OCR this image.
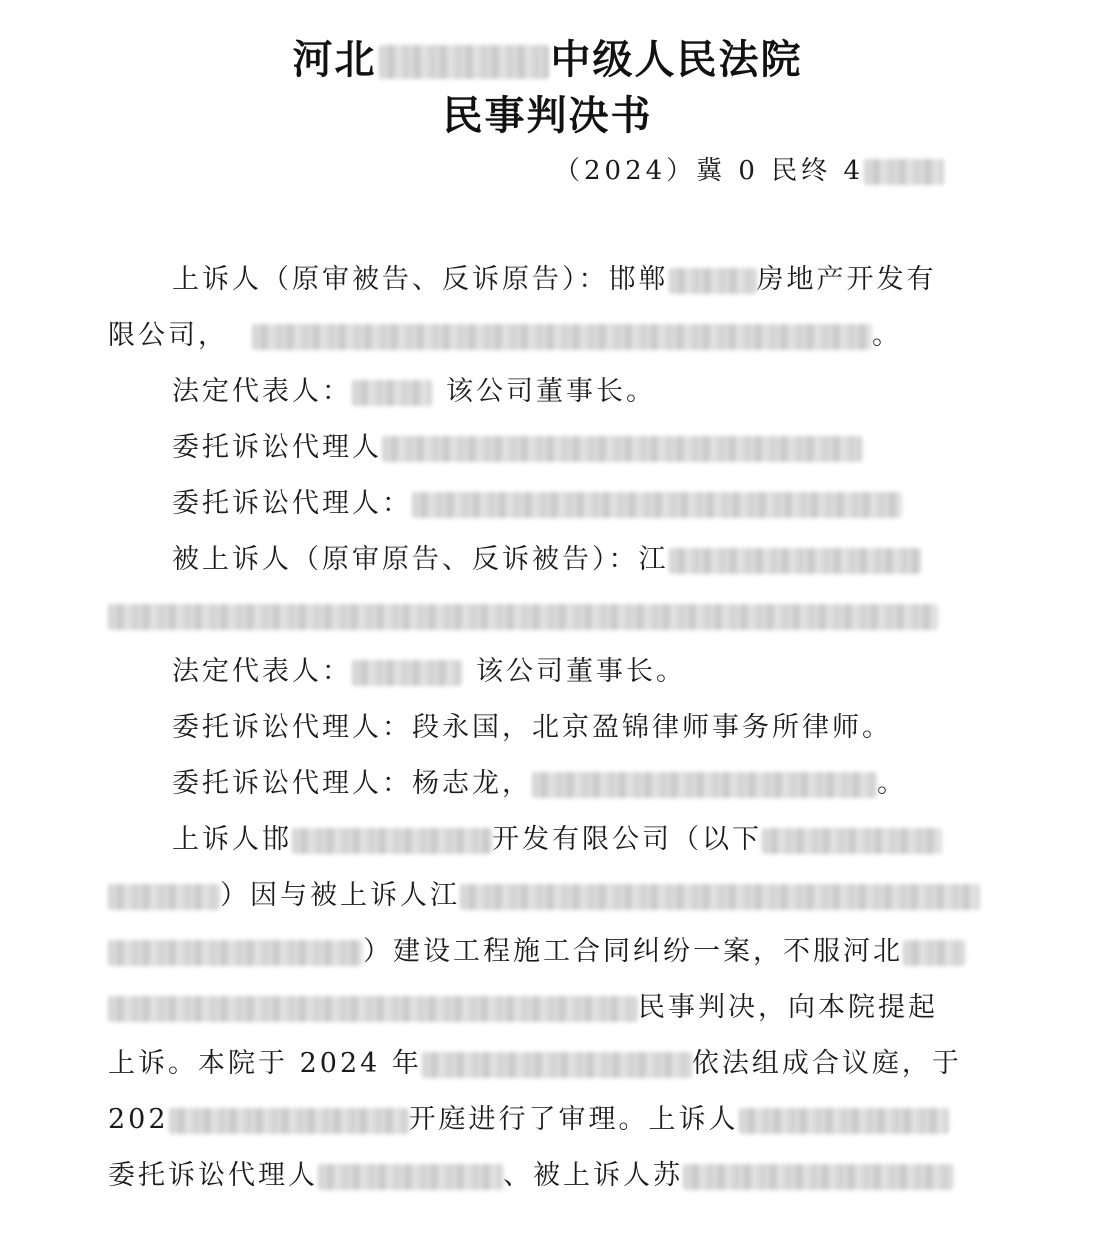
河北	中级人民法院
民事判决书
（2024）冀 0 民终 4
上诉人（原审被告、反诉原告）：邯郸	房地产开发有
限公司，	。
法定代表人：	该公司董事长。
委托诉讼代理人
委托诉讼代理人：
被上诉人（原审原告、反诉被告）：江
法定代表人：	该公司董事长。
委托诉讼代理人：段永国，北京盈锦律师事务所律师。
委托诉讼代理人：杨志龙，	。
上诉人邯	开发有限公司（以下
）因与被上诉人江
）建设工程施工合同纠纷一案，不服河北
民事判决，向本院提起
上诉。本院于 2024 年	依法组成合议庭，于
202	开庭进行了审理。上诉人
委托诉讼代理人	、被上诉人苏
